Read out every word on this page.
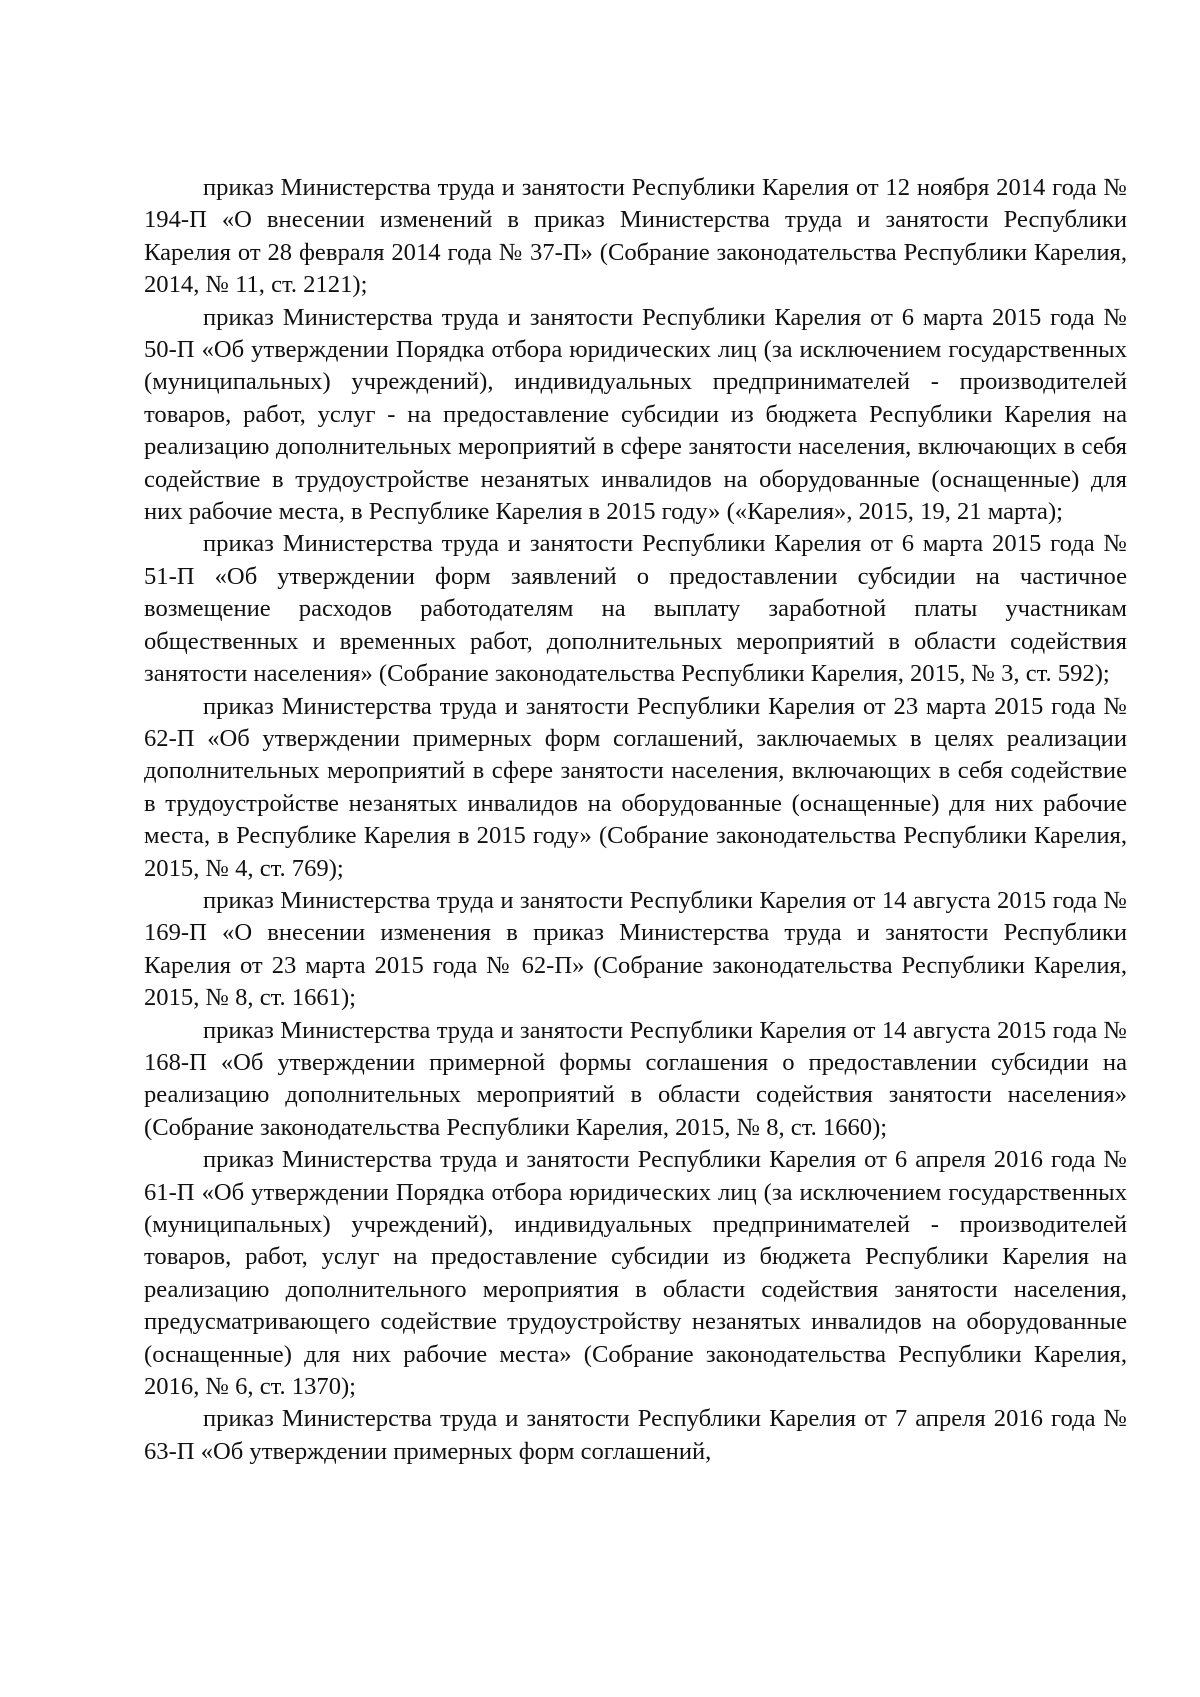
приказ Министерства труда и занятости Республики Карелия от 12 ноября 2014 года № 194-П «О внесении изменений в приказ Министерства труда и занятости Республики Карелия от 28 февраля 2014 года № 37-П» (Собрание законодательства Республики Карелия, 2014, № 11, ст. 2121);

приказ Министерства труда и занятости Республики Карелия от 6 марта 2015 года № 50-П «Об утверждении Порядка отбора юридических лиц (за исключением государственных (муниципальных) учреждений), индивидуальных предпринимателей - производителей товаров, работ, услуг - на предоставление субсидии из бюджета Республики Карелия на реализацию дополнительных мероприятий в сфере занятости населения, включающих в себя содействие в трудоустройстве незанятых инвалидов на оборудованные (оснащенные) для них рабочие места, в Республике Карелия в 2015 году» («Карелия», 2015, 19, 21 марта);

приказ Министерства труда и занятости Республики Карелия от 6 марта 2015 года № 51-П «Об утверждении форм заявлений о предоставлении субсидии на частичное возмещение расходов работодателям на выплату заработной платы участникам общественных и временных работ, дополнительных мероприятий в области содействия занятости населения» (Собрание законодательства Республики Карелия, 2015, № 3, ст. 592);

приказ Министерства труда и занятости Республики Карелия от 23 марта 2015 года № 62-П «Об утверждении примерных форм соглашений, заключаемых в целях реализации дополнительных мероприятий в сфере занятости населения, включающих в себя содействие в трудоустройстве незанятых инвалидов на оборудованные (оснащенные) для них рабочие места, в Республике Карелия в 2015 году» (Собрание законодательства Республики Карелия, 2015, № 4, ст. 769);

приказ Министерства труда и занятости Республики Карелия от 14 августа 2015 года № 169-П «О внесении изменения в приказ Министерства труда и занятости Республики Карелия от 23 марта 2015 года № 62-П» (Собрание законодательства Республики Карелия, 2015, № 8, ст. 1661);

приказ Министерства труда и занятости Республики Карелия от 14 августа 2015 года № 168-П «Об утверждении примерной формы соглашения о предоставлении субсидии на реализацию дополнительных мероприятий в области содействия занятости населения» (Собрание законодательства Республики Карелия, 2015, № 8, ст. 1660);

приказ Министерства труда и занятости Республики Карелия от 6 апреля 2016 года № 61-П «Об утверждении Порядка отбора юридических лиц (за исключением государственных (муниципальных) учреждений), индивидуальных предпринимателей - производителей товаров, работ, услуг на предоставление субсидии из бюджета Республики Карелия на реализацию дополнительного мероприятия в области содействия занятости населения, предусматривающего содействие трудоустройству незанятых инвалидов на оборудованные (оснащенные) для них рабочие места» (Собрание законодательства Республики Карелия, 2016, № 6, ст. 1370);

приказ Министерства труда и занятости Республики Карелия от 7 апреля 2016 года № 63-П «Об утверждении примерных форм соглашений,
